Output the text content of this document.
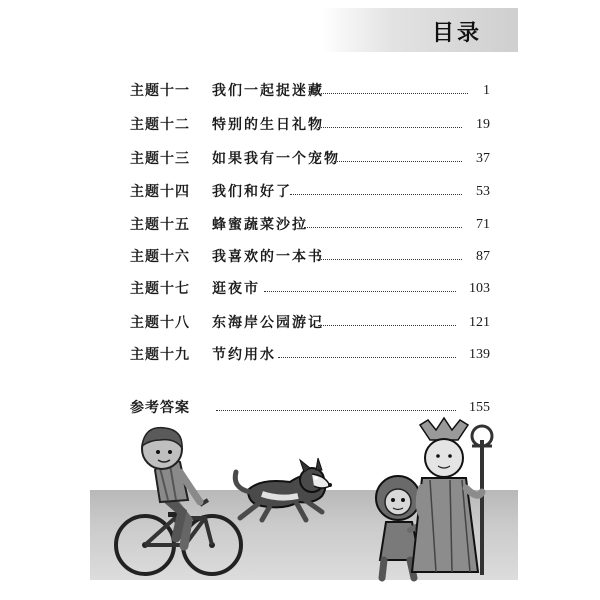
目录
主题十一 我们一起捉迷藏	1
主题十二 特别的生日礼物	19
主题十三 如果我有一个宠物	37
主题十四 我们和好了	53
主题十五 蜂蜜蔬菜沙拉	71
主题十六 我喜欢的一本书	87
主题十七 逛夜市	103
主题十八 东海岸公园游记	121
主题十九 节约用水	139
参考答案	155
